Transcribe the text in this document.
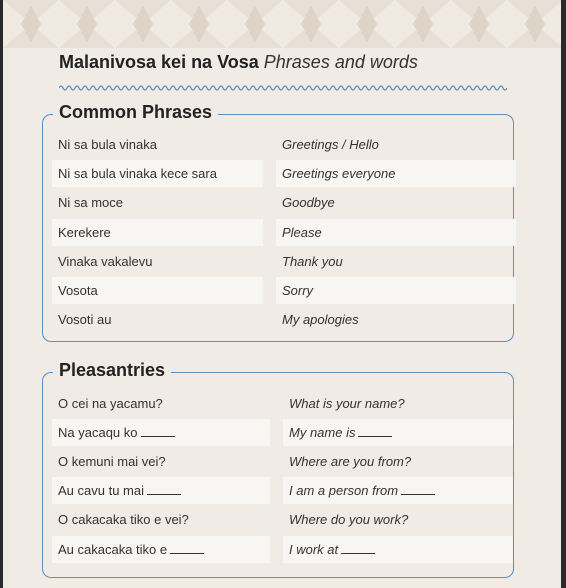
Malanivosa kei na Vosa Phrases and words
Common Phrases
Ni sa bula vinaka	Greetings / Hello
Ni sa bula vinaka kece sara	Greetings everyone
Ni sa moce	Goodbye
Kerekere	Please
Vinaka vakalevu	Thank you
Vosota	Sorry
Vosoti au	My apologies
Pleasantries
O cei na yacamu?	What is your name?
Na yacaqu ko	My name is
O kemuni mai vei?	Where are you from?
Au cavu tu mai	I am a person from
O cakacaka tiko e vei?	Where do you work?
Au cakacaka tiko e	I work at
